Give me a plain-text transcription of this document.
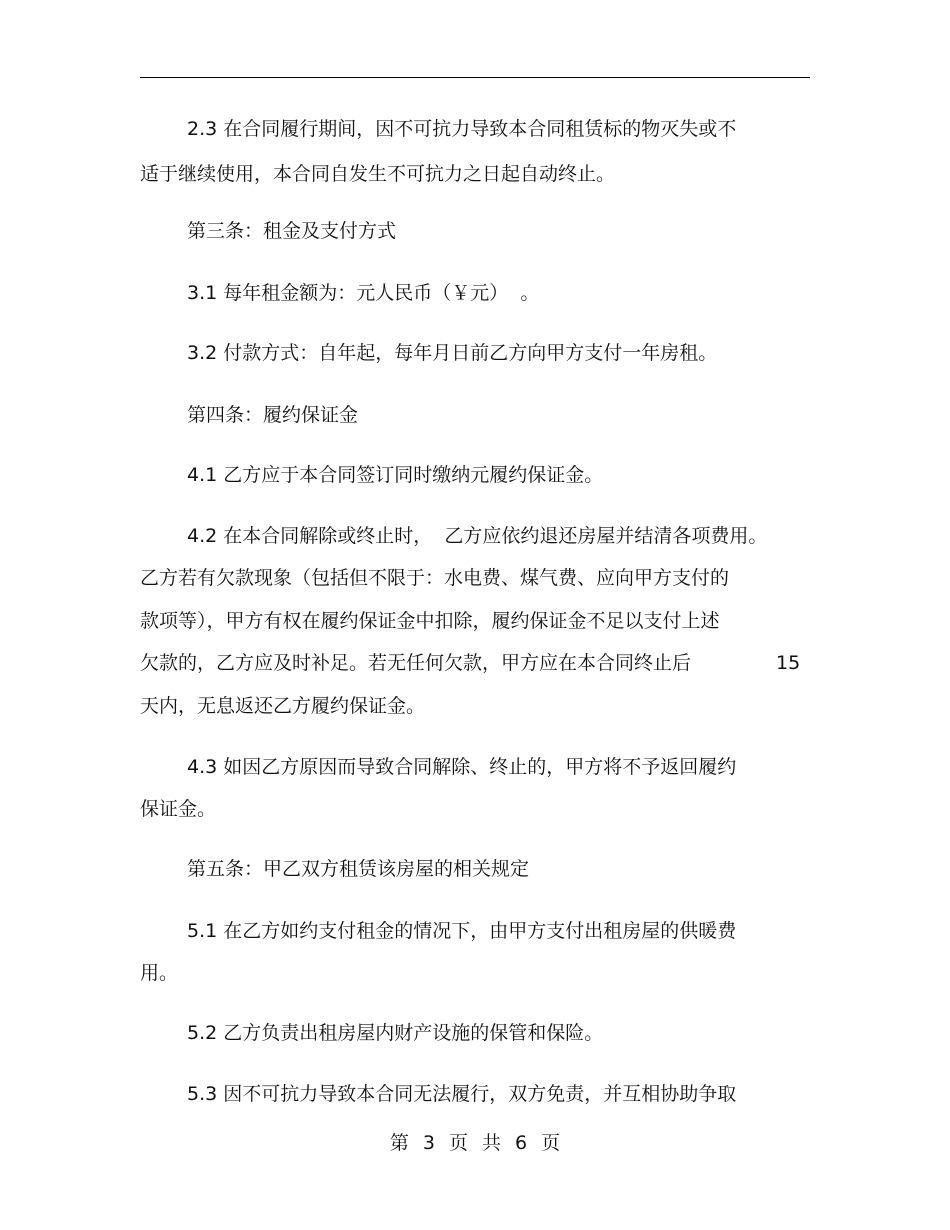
2.3 在合同履行期间，因不可抗力导致本合同租赁标的物灭失或不
适于继续使用，本合同自发生不可抗力之日起自动终止。
第三条：租金及支付方式
3.1 每年租金额为：元人民币（￥元）  。
3.2 付款方式：自年起，每年月日前乙方向甲方支付一年房租。
第四条：履约保证金
4.1 乙方应于本合同签订同时缴纳元履约保证金。
4.2 在本合同解除或终止时，  乙方应依约退还房屋并结清各项费用。
乙方若有欠款现象（包括但不限于：水电费、煤气费、应向甲方支付的
款项等），甲方有权在履约保证金中扣除，履约保证金不足以支付上述
欠款的，乙方应及时补足。若无任何欠款，甲方应在本合同终止后	15
天内，无息返还乙方履约保证金。
4.3 如因乙方原因而导致合同解除、终止的，甲方将不予返回履约
保证金。
第五条：甲乙双方租赁该房屋的相关规定
5.1 在乙方如约支付租金的情况下，由甲方支付出租房屋的供暖费
用。
5.2 乙方负责出租房屋内财产设施的保管和保险。
5.3 因不可抗力导致本合同无法履行，双方免责，并互相协助争取
第 3 页 共 6 页
